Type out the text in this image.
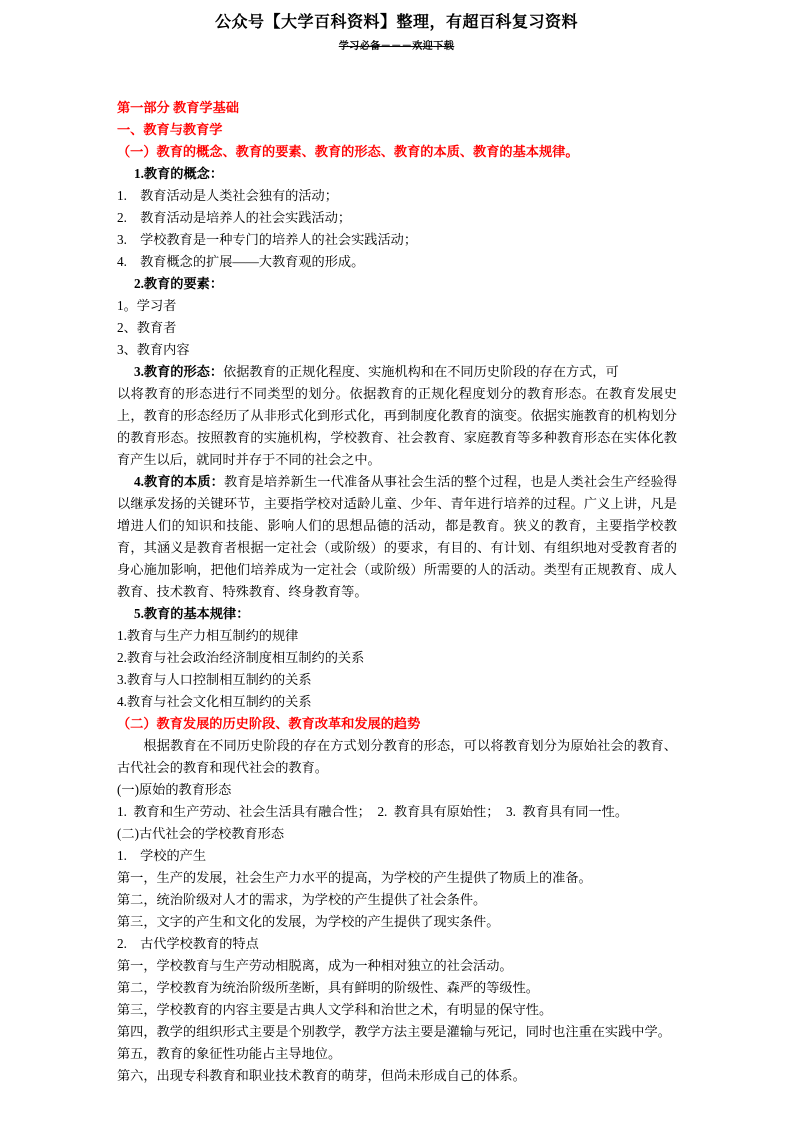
公众号【大学百科资料】整理，有超百科复习资料
学习必备－－－欢迎下载

第一部分 教育学基础

一、教育与教育学

（一）教育的概念、教育的要素、教育的形态、教育的本质、教育的基本规律。

1.教育的概念：

1.　教育活动是人类社会独有的活动；

2.　教育活动是培养人的社会实践活动；

3.　学校教育是一种专门的培养人的社会实践活动；

4.　教育概念的扩展——大教育观的形成。

2.教育的要素：

1。学习者

2、教育者

3、教育内容

3.教育的形态：依据教育的正规化程度、实施机构和在不同历史阶段的存在方式，可

以将教育的形态进行不同类型的划分。依据教育的正规化程度划分的教育形态。在教育发展史上，教育的形态经历了从非形式化到形式化，再到制度化教育的演变。依据实施教育的机构划分的教育形态。按照教育的实施机构，学校教育、社会教育、家庭教育等多种教育形态在实体化教育产生以后，就同时并存于不同的社会之中。

4.教育的本质：教育是培养新生一代准备从事社会生活的整个过程，也是人类社会生产经验得以继承发扬的关键环节，主要指学校对适龄儿童、少年、青年进行培养的过程。广义上讲，凡是增进人们的知识和技能、影响人们的思想品德的活动，都是教育。狭义的教育，主要指学校教育，其涵义是教育者根据一定社会（或阶级）的要求，有目的、有计划、有组织地对受教育者的身心施加影响，把他们培养成为一定社会（或阶级）所需要的人的活动。类型有正规教育、成人教育、技术教育、特殊教育、终身教育等。

5.教育的基本规律：

1.教育与生产力相互制约的规律

2.教育与社会政治经济制度相互制约的关系

3.教育与人口控制相互制约的关系

4.教育与社会文化相互制约的关系

（二）教育发展的历史阶段、教育改革和发展的趋势

根据教育在不同历史阶段的存在方式划分教育的形态，可以将教育划分为原始社会的教育、古代社会的教育和现代社会的教育。

(一)原始的教育形态

1. 教育和生产劳动、社会生活具有融合性； 2. 教育具有原始性； 3. 教育具有同一性。

(二)古代社会的学校教育形态

1.　学校的产生

第一，生产的发展，社会生产力水平的提高，为学校的产生提供了物质上的准备。

第二，统治阶级对人才的需求，为学校的产生提供了社会条件。

第三，文字的产生和文化的发展，为学校的产生提供了现实条件。

2.　古代学校教育的特点

第一，学校教育与生产劳动相脱离，成为一种相对独立的社会活动。

第二，学校教育为统治阶级所垄断，具有鲜明的阶级性、森严的等级性。

第三，学校教育的内容主要是古典人文学科和治世之术，有明显的保守性。

第四，教学的组织形式主要是个别教学，教学方法主要是灌输与死记，同时也注重在实践中学。

第五，教育的象征性功能占主导地位。

第六，出现专科教育和职业技术教育的萌芽，但尚未形成自己的体系。
